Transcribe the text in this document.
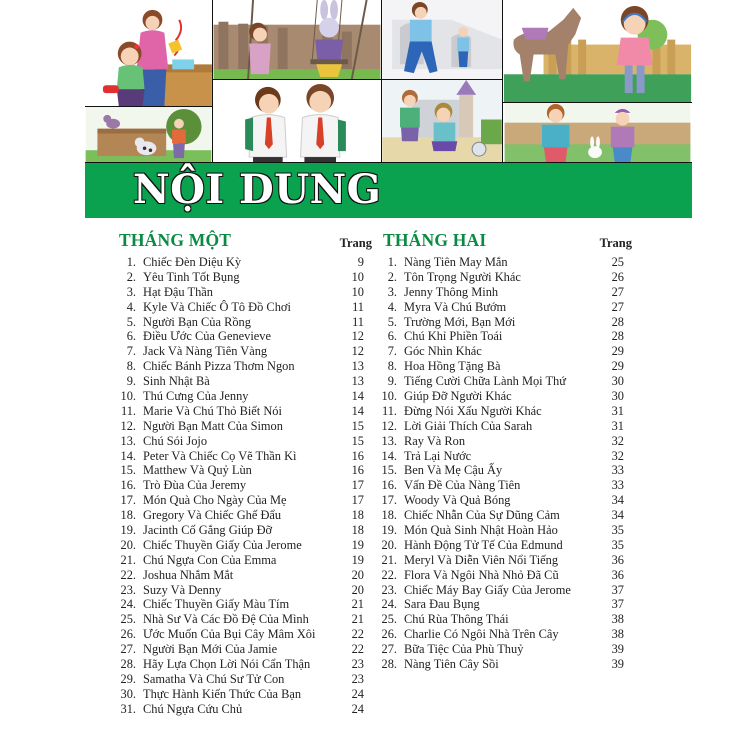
NỘI DUNG
THÁNG MỘT	Trang
1. Chiếc Đèn Diệu Kỳ	9
2. Yêu Tinh Tốt Bụng	10
3. Hạt Đậu Thần	10
4. Kyle Và Chiếc Ô Tô Đồ Chơi	11
5. Người Bạn Của Rồng	11
6. Điều Ước Của Genevieve	12
7. Jack Và Nàng Tiên Vàng	12
8. Chiếc Bánh Pizza Thơm Ngon	13
9. Sinh Nhật Bà	13
10. Thú Cưng Của Jenny	14
11. Marie Và Chú Thỏ Biết Nói	14
12. Người Bạn Matt Của Simon	15
13. Chú Sói Jojo	15
14. Peter Và Chiếc Cọ Vẽ Thần Kì	16
15. Matthew Và Quỷ Lùn	16
16. Trò Đùa Của Jeremy	17
17. Món Quà Cho Ngày Của Mẹ	17
18. Gregory Và Chiếc Ghế Đẩu	18
19. Jacinth Cố Gắng Giúp Đỡ	18
20. Chiếc Thuyền Giấy Của Jerome	19
21. Chú Ngựa Con Của Emma	19
22. Joshua Nhắm Mắt	20
23. Suzy Và Denny	20
24. Chiếc Thuyền Giấy Màu Tím	21
25. Nhà Sư Và Các Đồ Đệ Của Mình	21
26. Ước Muốn Của Bụi Cây Mâm Xôi	22
27. Người Bạn Mới Của Jamie	22
28. Hãy Lựa Chọn Lời Nói Cẩn Thận	23
29. Samatha Và Chú Sư Tử Con	23
30. Thực Hành Kiến Thức Của Bạn	24
31. Chú Ngựa Cứu Chủ	24
THÁNG HAI	Trang
1. Nàng Tiên May Mắn	25
2. Tôn Trọng Người Khác	26
3. Jenny Thông Minh	27
4. Myra Và Chú Bướm	27
5. Trường Mới, Bạn Mới	28
6. Chú Khỉ Phiền Toái	28
7. Góc Nhìn Khác	29
8. Hoa Hồng Tặng Bà	29
9. Tiếng Cười Chữa Lành Mọi Thứ	30
10. Giúp Đỡ Người Khác	30
11. Đừng Nói Xấu Người Khác	31
12. Lời Giải Thích Của Sarah	31
13. Ray Và Ron	32
14. Trả Lại Nước	32
15. Ben Và Mẹ Cậu Ấy	33
16. Vấn Đề Của Nàng Tiên	33
17. Woody Và Quả Bóng	34
18. Chiếc Nhẫn Của Sự Dũng Cảm	34
19. Món Quà Sinh Nhật Hoàn Hảo	35
20. Hành Động Tử Tế Của Edmund	35
21. Meryl Và Diễn Viên Nổi Tiếng	36
22. Flora Và Ngôi Nhà Nhỏ Đã Cũ	36
23. Chiếc Máy Bay Giấy Của Jerome	37
24. Sara Đau Bụng	37
25. Chú Rùa Thông Thái	38
26. Charlie Có Ngôi Nhà Trên Cây	38
27. Bữa Tiệc Của Phù Thuỷ	39
28. Nàng Tiên Cây Sồi	39
